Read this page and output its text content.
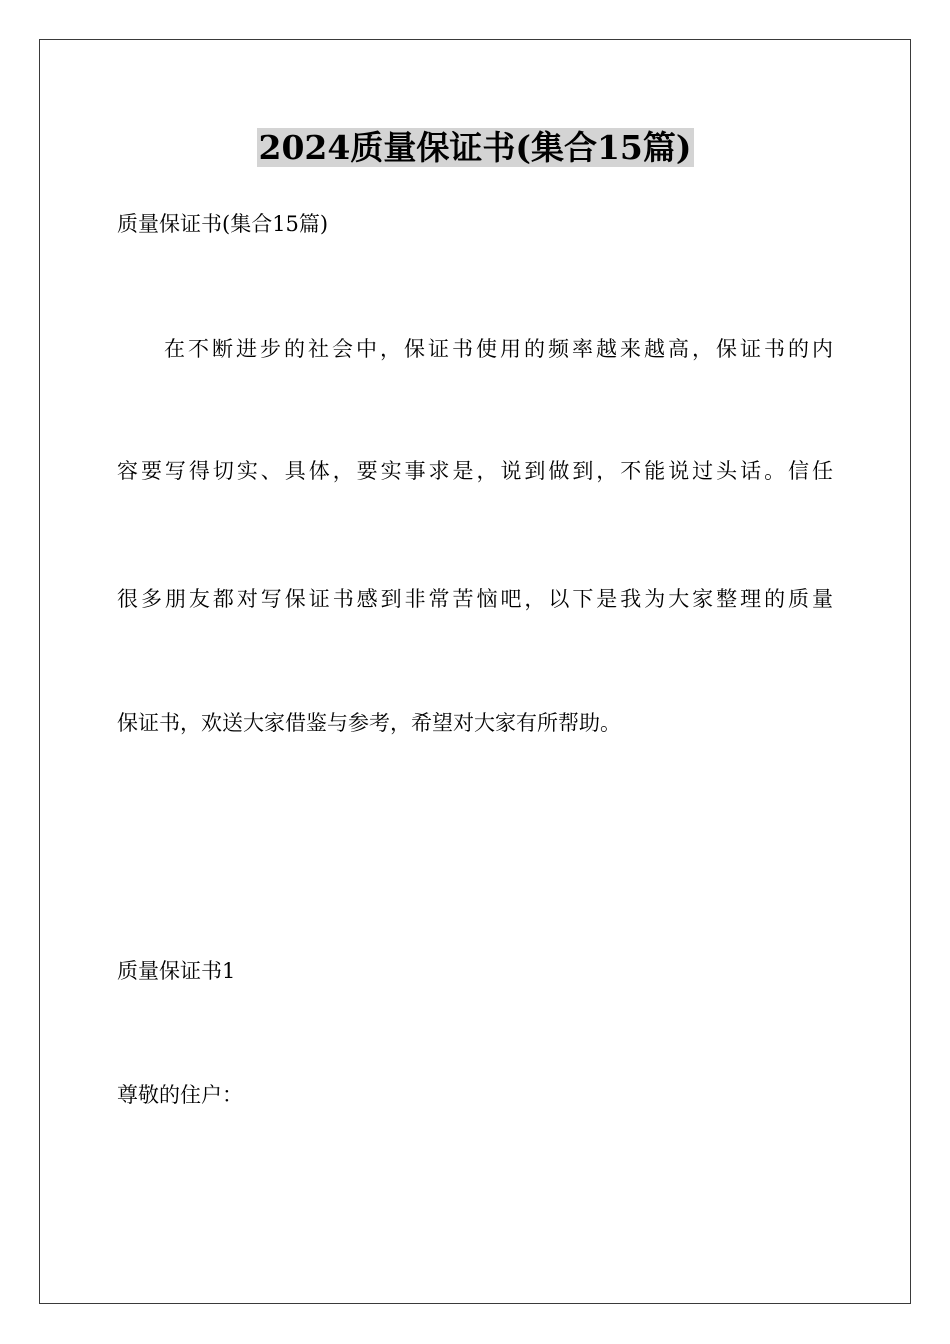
2024质量保证书(集合15篇)

质量保证书(集合15篇)

在不断进步的社会中，保证书使用的频率越来越高，保证书的内

容要写得切实、具体，要实事求是，说到做到，不能说过头话。信任

很多朋友都对写保证书感到非常苦恼吧，以下是我为大家整理的质量

保证书，欢送大家借鉴与参考，希望对大家有所帮助。

质量保证书1

尊敬的住户：
